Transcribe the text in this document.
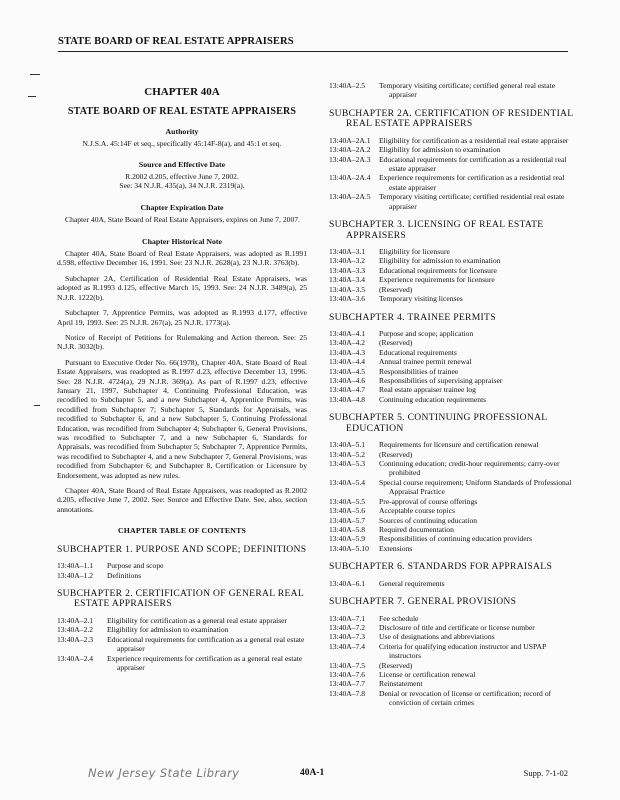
STATE BOARD OF REAL ESTATE APPRAISERS
CHAPTER 40A
STATE BOARD OF REAL ESTATE APPRAISERS
Authority

N.J.S.A. 45:14F et seq., specifically 45:14F-8(a), and 45:1 et seq.

Source and Effective Date

R.2002 d.205, effective June 7, 2002.

See: 34 N.J.R. 435(a), 34 N.J.R. 2319(a).

Chapter Expiration Date

Chapter 40A, State Board of Real Estate Appraisers, expires on June 7, 2007.

Chapter Historical Note

Chapter 40A, State Board of Real Estate Appraisers, was adopted as R.1991 d.598, effective December 16, 1991. See: 23 N.J.R. 2628(a), 23 N.J.R. 3763(b).

Subchapter 2A, Certification of Residential Real Estate Appraisers, was adopted as R.1993 d.125, effective March 15, 1993. See: 24 N.J.R. 3489(a), 25 N.J.R. 1222(b).

Subchapter 7, Apprentice Permits, was adopted as R.1993 d.177, effective April 19, 1993. See: 25 N.J.R. 267(a), 25 N.J.R. 1773(a).

Notice of Receipt of Petitions for Rulemaking and Action thereon. See: 25 N.J.R. 3032(b).

Pursuant to Executive Order No. 66(1978), Chapter 40A, State Board of Real Estate Appraisers, was readopted as R.1997 d.23, effective December 13, 1996. See: 28 N.J.R. 4724(a), 29 N.J.R. 369(a). As part of R.1997 d.23, effective January 21, 1997, Subchapter 4, Continuing Professional Education, was recodified to Subchapter 5, and a new Subchapter 4, Apprentice Permits, was recodified from Subchapter 7; Subchapter 5, Standards for Appraisals, was recodified to Subchapter 6, and a new Subchapter 5, Continuing Professional Education, was recodified from Subchapter 4; Subchapter 6, General Provisions, was recodified to Subchapter 7, and a new Subchapter 6, Standards for Appraisals, was recodified from Subchapter 5; Subchapter 7, Apprentice Permits, was recodified to Subchapter 4, and a new Subchapter 7, General Provisions, was recodified from Subchapter 6; and Subchapter 8, Certification or Licensure by Endorsement, was adopted as new rules.

Chapter 40A, State Board of Real Estate Appraisers, was readopted as R.2002 d.205, effective June 7, 2002. See: Source and Effective Date. See, also, section annotations.

CHAPTER TABLE OF CONTENTS
SUBCHAPTER 1. PURPOSE AND SCOPE; DEFINITIONS
13:40A–1.1	Purpose and scope
13:40A–1.2	Definitions
SUBCHAPTER 2. CERTIFICATION OF GENERAL REAL ESTATE APPRAISERS
13:40A–2.1	Eligibility for certification as a general real estate appraiser
13:40A–2.2	Eligibility for admission to examination
13:40A–2.3	Educational requirements for certification as a general real estate appraiser
13:40A–2.4	Experience requirements for certification as a general real estate appraiser
13:40A–2.5	Temporary visiting certificate; certified general real estate appraiser
SUBCHAPTER 2A. CERTIFICATION OF RESIDENTIAL REAL ESTATE APPRAISERS
13:40A–2A.1	Eligibility for certification as a residential real estate appraiser
13:40A–2A.2	Eligibility for admission to examination
13:40A–2A.3	Educational requirements for certification as a residential real estate appraiser
13:40A–2A.4	Experience requirements for certification as a residential real estate appraiser
13:40A–2A.5	Temporary visiting certificate; certified residential real estate appraiser
SUBCHAPTER 3. LICENSING OF REAL ESTATE APPRAISERS
13:40A–3.1	Eligibility for licensure
13:40A–3.2	Eligibility for admission to examination
13:40A–3.3	Educational requirements for licensure
13:40A–3.4	Experience requirements for licensure
13:40A–3.5	(Reserved)
13:40A–3.6	Temporary visiting licenses
SUBCHAPTER 4. TRAINEE PERMITS
13:40A–4.1	Purpose and scope; application
13:40A–4.2	(Reserved)
13:40A–4.3	Educational requirements
13:40A–4.4	Annual trainee permit renewal
13:40A–4.5	Responsibilities of trainee
13:40A–4.6	Responsibilities of supervising appraiser
13:40A–4.7	Real estate appraiser trainee log
13:40A–4.8	Continuing education requirements
SUBCHAPTER 5. CONTINUING PROFESSIONAL EDUCATION
13:40A–5.1	Requirements for licensure and certification renewal
13:40A–5.2	(Reserved)
13:40A–5.3	Continuing education; credit-hour requirements; carry-over prohibited
13:40A–5.4	Special course requirement; Uniform Standards of Professional Appraisal Practice
13:40A–5.5	Pre-approval of course offerings
13:40A–5.6	Acceptable course topics
13:40A–5.7	Sources of continuing education
13:40A–5.8	Required documentation
13:40A–5.9	Responsibilities of continuing education providers
13:40A–5.10	Extensions
SUBCHAPTER 6. STANDARDS FOR APPRAISALS
13:40A–6.1	General requirements
SUBCHAPTER 7. GENERAL PROVISIONS
13:40A–7.1	Fee schedule
13:40A–7.2	Disclosure of title and certificate or license number
13:40A–7.3	Use of designations and abbreviations
13:40A–7.4	Criteria for qualifying education instructor and USPAP instructors
13:40A–7.5	(Reserved)
13:40A–7.6	License or certification renewal
13:40A–7.7	Reinstatement
13:40A–7.8	Denial or revocation of license or certification; record of conviction of certain crimes
New Jersey State Library	40A-1	Supp. 7-1-02
